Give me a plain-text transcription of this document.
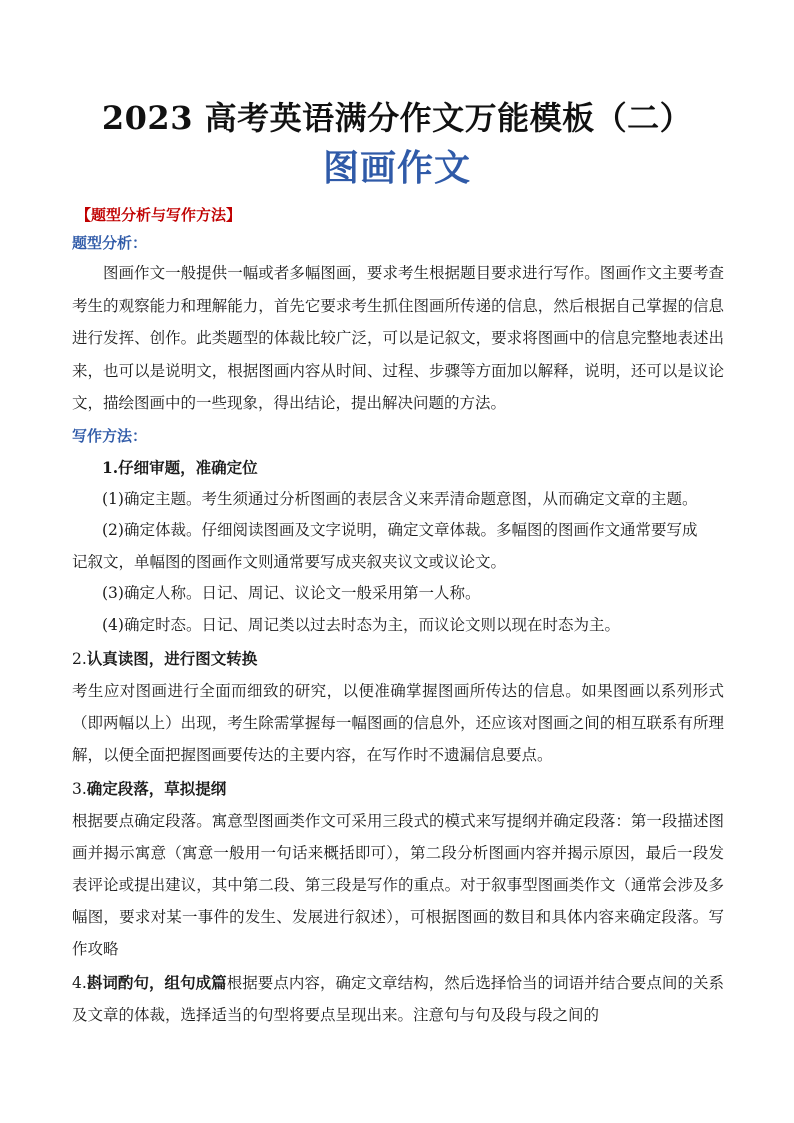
2023 高考英语满分作文万能模板（二）
图画作文
【题型分析与写作方法】
题型分析：

图画作文一般提供一幅或者多幅图画，要求考生根据题目要求进行写作。图画作文主要考查考生的观察能力和理解能力，首先它要求考生抓住图画所传递的信息，然后根据自己掌握的信息进行发挥、创作。此类题型的体裁比较广泛，可以是记叙文，要求将图画中的信息完整地表述出来，也可以是说明文，根据图画内容从时间、过程、步骤等方面加以解释，说明，还可以是议论文，描绘图画中的一些现象，得出结论，提出解决问题的方法。

写作方法：
1.仔细审题，准确定位

(1)确定主题。考生须通过分析图画的表层含义来弄清命题意图，从而确定文章的主题。

(2)确定体裁。仔细阅读图画及文字说明，确定文章体裁。多幅图的图画作文通常要写成

记叙文，单幅图的图画作文则通常要写成夹叙夹议文或议论文。

(3)确定人称。日记、周记、议论文一般采用第一人称。

(4)确定时态。日记、周记类以过去时态为主，而议论文则以现在时态为主。

2.认真读图，进行图文转换

考生应对图画进行全面而细致的研究，以便准确掌握图画所传达的信息。如果图画以系列形式（即两幅以上）出现，考生除需掌握每一幅图画的信息外，还应该对图画之间的相互联系有所理解，以便全面把握图画要传达的主要内容，在写作时不遗漏信息要点。

3.确定段落，草拟提纲

根据要点确定段落。寓意型图画类作文可采用三段式的模式来写提纲并确定段落：第一段描述图画并揭示寓意（寓意一般用一句话来概括即可），第二段分析图画内容并揭示原因，最后一段发表评论或提出建议，其中第二段、第三段是写作的重点。对于叙事型图画类作文（通常会涉及多幅图，要求对某一事件的发生、发展进行叙述），可根据图画的数目和具体内容来确定段落。写作攻略

4.斟词酌句，组句成篇根据要点内容，确定文章结构，然后选择恰当的词语并结合要点间的关系及文章的体裁，选择适当的句型将要点呈现出来。注意句与句及段与段之间的
